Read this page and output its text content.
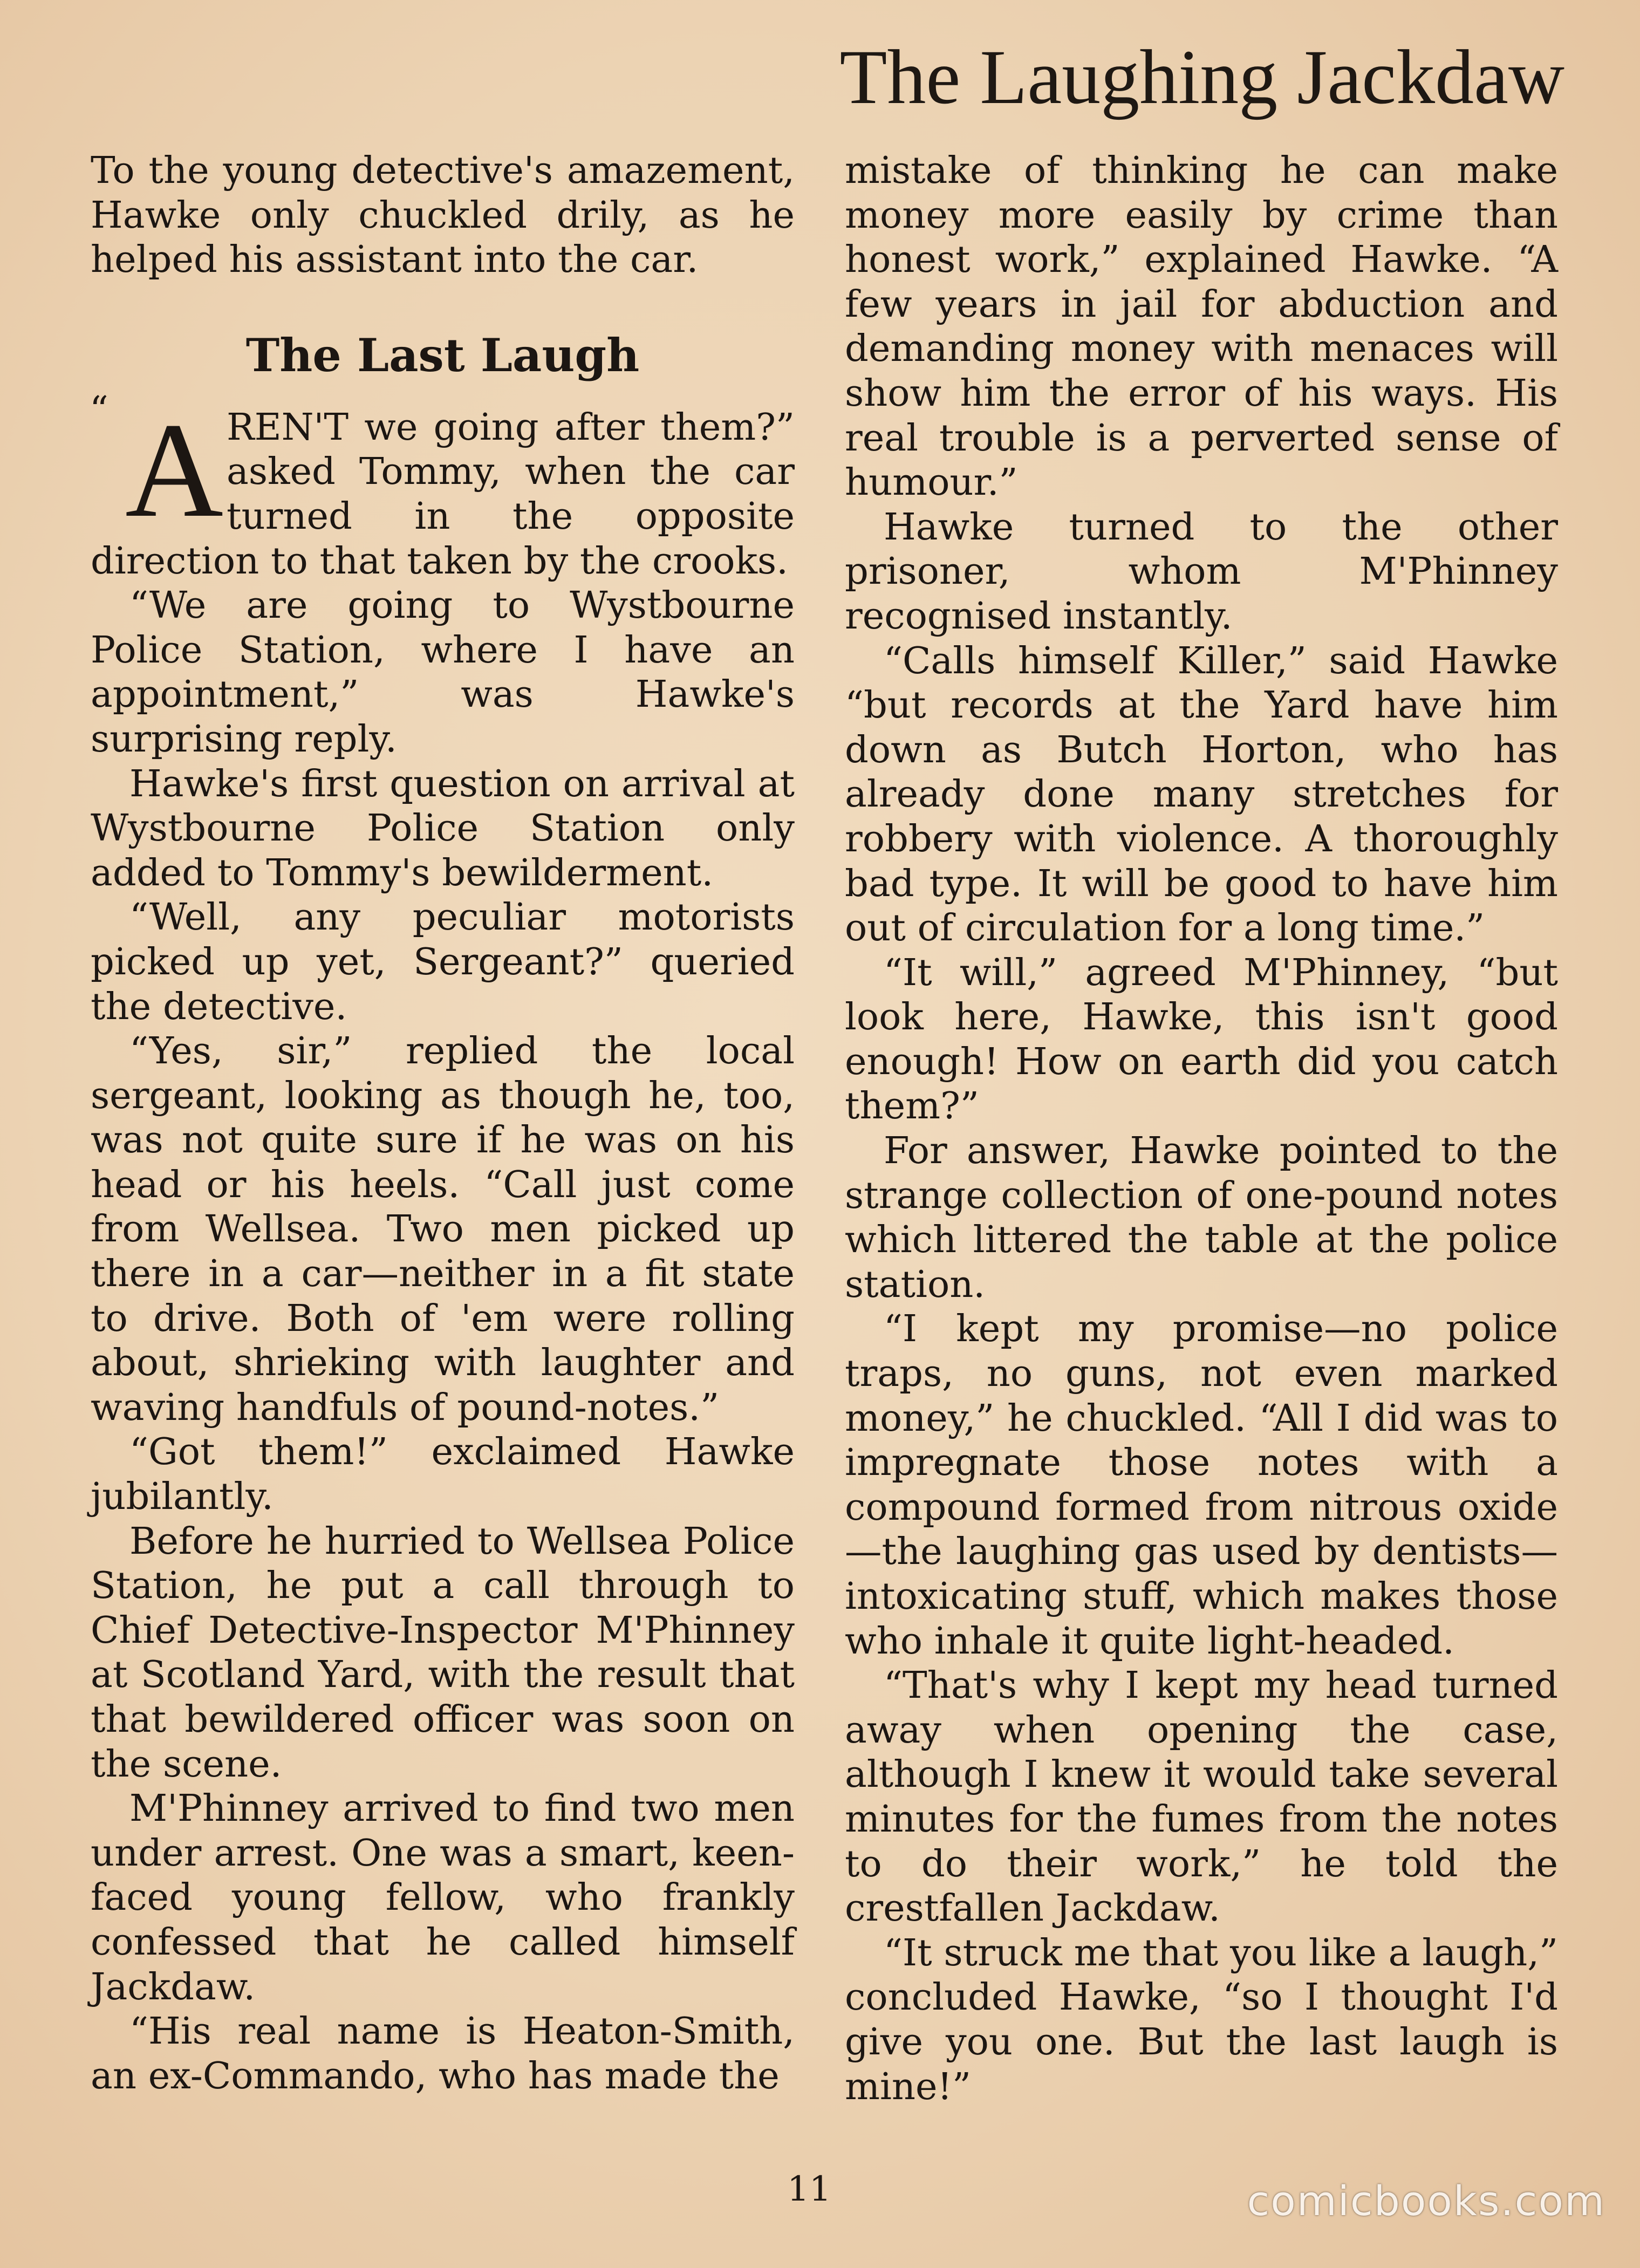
The Laughing Jackdaw

To the young detective's amazement, Hawke only chuckled drily, as he helped his assistant into the car.

The Last Laugh

“ A REN'T we going after them?” asked Tommy, when the car turned in the opposite direction to that taken by the crooks.

“We are going to Wystbourne Police Station, where I have an appointment,” was Hawke's surprising reply.

Hawke's first question on arrival at Wystbourne Police Station only added to Tommy's bewilderment.

“Well, any peculiar motorists picked up yet, Sergeant?” queried the detective.

“Yes, sir,” replied the local sergeant, looking as though he, too, was not quite sure if he was on his head or his heels. “Call just come from Wellsea. Two men picked up there in a car—neither in a fit state to drive. Both of 'em were rolling about, shrieking with laughter and waving handfuls of pound-notes.”

“Got them!” exclaimed Hawke jubilantly.

Before he hurried to Wellsea Police Station, he put a call through to Chief Detective-Inspector M'Phinney at Scotland Yard, with the result that that bewildered officer was soon on the scene.

M'Phinney arrived to find two men under arrest. One was a smart, keen-faced young fellow, who frankly confessed that he called himself Jackdaw.

“His real name is Heaton-Smith, an ex-Commando, who has made the

mistake of thinking he can make money more easily by crime than honest work,” explained Hawke. “A few years in jail for abduction and demanding money with menaces will show him the error of his ways. His real trouble is a perverted sense of humour.”

Hawke turned to the other prisoner, whom M'Phinney recognised instantly.

“Calls himself Killer,” said Hawke “but records at the Yard have him down as Butch Horton, who has already done many stretches for robbery with violence. A thoroughly bad type. It will be good to have him out of circulation for a long time.”

“It will,” agreed M'Phinney, “but look here, Hawke, this isn't good enough! How on earth did you catch them?”

For answer, Hawke pointed to the strange collection of one-pound notes which littered the table at the police station.

“I kept my promise—no police traps, no guns, not even marked money,” he chuckled. “All I did was to impregnate those notes with a compound formed from nitrous oxide—the laughing gas used by dentists—intoxicating stuff, which makes those who inhale it quite light-headed.

“That's why I kept my head turned away when opening the case, although I knew it would take several minutes for the fumes from the notes to do their work,” he told the crestfallen Jackdaw.

“It struck me that you like a laugh,” concluded Hawke, “so I thought I'd give you one. But the last laugh is mine!”

11	comicbooks.com
